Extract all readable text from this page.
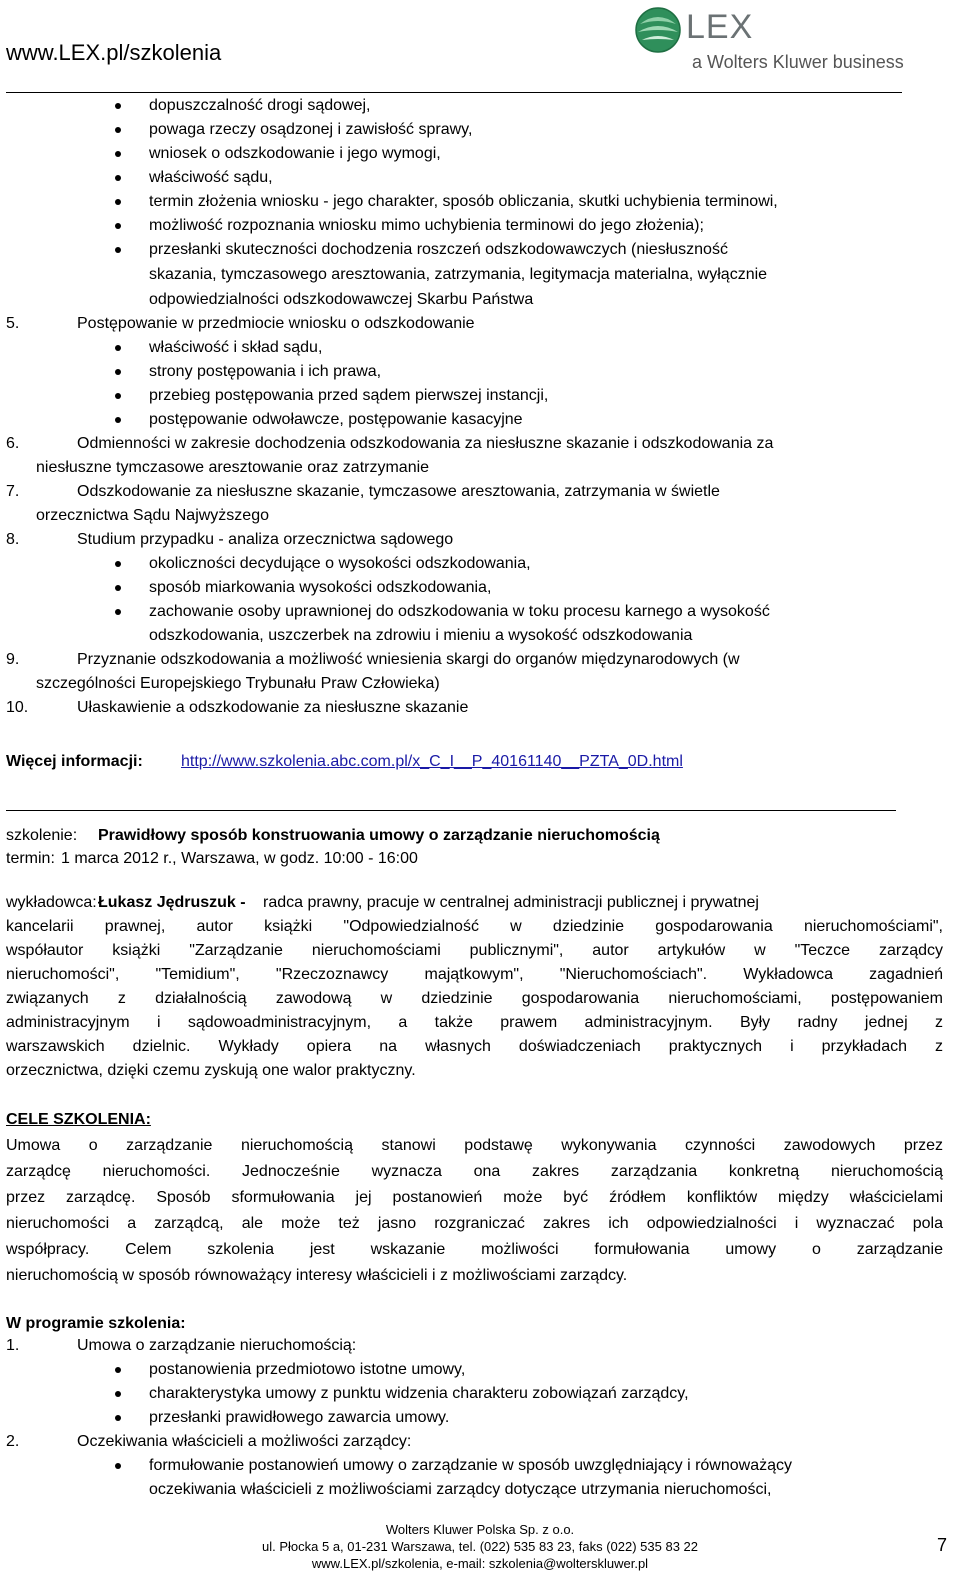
www.LEX.pl/szkolenia
LEX
a Wolters Kluwer business
dopuszczalność drogi sądowej,
powaga rzeczy osądzonej i zawisłość sprawy,
wniosek o odszkodowanie i jego wymogi,
właściwość sądu,
termin złożenia wniosku - jego charakter, sposób obliczania, skutki uchybienia terminowi,
możliwość rozpoznania wniosku mimo uchybienia terminowi do jego złożenia);
przesłanki skuteczności dochodzenia roszczeń odszkodowawczych (niesłuszność
skazania, tymczasowego aresztowania, zatrzymania, legitymacja materialna, wyłącznie
odpowiedzialności odszkodowawczej Skarbu Państwa
5.	Postępowanie w przedmiocie wniosku o odszkodowanie
właściwość i skład sądu,
strony postępowania i ich prawa,
przebieg postępowania przed sądem pierwszej instancji,
postępowanie odwoławcze, postępowanie kasacyjne
6.	Odmienności w zakresie dochodzenia odszkodowania za niesłuszne skazanie i odszkodowania za
niesłuszne tymczasowe aresztowanie oraz zatrzymanie
7.	Odszkodowanie za niesłuszne skazanie, tymczasowe aresztowania, zatrzymania w świetle
orzecznictwa Sądu Najwyższego
8.	Studium przypadku - analiza orzecznictwa sądowego
okoliczności decydujące o wysokości odszkodowania,
sposób miarkowania wysokości odszkodowania,
zachowanie osoby uprawnionej do odszkodowania w toku procesu karnego a wysokość
odszkodowania, uszczerbek na zdrowiu i mieniu a wysokość odszkodowania
9.	Przyznanie odszkodowania a możliwość wniesienia skargi do organów międzynarodowych (w
szczególności Europejskiego Trybunału Praw Człowieka)
10.	Ułaskawienie a odszkodowanie za niesłuszne skazanie
Więcej informacji: http://www.szkolenia.abc.com.pl/x_C_I__P_40161140__PZTA_0D.html
szkolenie: Prawidłowy sposób konstruowania umowy o zarządzanie nieruchomością
termin: 1 marca 2012 r., Warszawa, w godz. 10:00 - 16:00
wykładowca: Łukasz Jędruszuk - radca prawny, pracuje w centralnej administracji publicznej i prywatnej
kancelarii prawnej, autor książki "Odpowiedzialność w dziedzinie gospodarowania nieruchomościami",
współautor książki "Zarządzanie nieruchomościami publicznymi", autor artykułów w "Teczce zarządcy
nieruchomości", "Temidium", "Rzeczoznawcy majątkowym", "Nieruchomościach". Wykładowca zagadnień
związanych z działalnością zawodową w dziedzinie gospodarowania nieruchomościami, postępowaniem
administracyjnym i sądowoadministracyjnym, a także prawem administracyjnym. Były radny jednej z
warszawskich dzielnic. Wykłady opiera na własnych doświadczeniach praktycznych i przykładach z
orzecznictwa, dzięki czemu zyskują one walor praktyczny.
CELE SZKOLENIA:
Umowa o zarządzanie nieruchomością stanowi podstawę wykonywania czynności zawodowych przez
zarządcę nieruchomości. Jednocześnie wyznacza ona zakres zarządzania konkretną nieruchomością
przez zarządcę. Sposób sformułowania jej postanowień może być źródłem konfliktów między właścicielami
nieruchomości a zarządcą, ale może też jasno rozgraniczać zakres ich odpowiedzialności i wyznaczać pola
współpracy. Celem szkolenia jest wskazanie możliwości formułowania umowy o zarządzanie
nieruchomością w sposób równoważący interesy właścicieli i z możliwościami zarządcy.
W programie szkolenia:
1.	Umowa o zarządzanie nieruchomością:
postanowienia przedmiotowo istotne umowy,
charakterystyka umowy z punktu widzenia charakteru zobowiązań zarządcy,
przesłanki prawidłowego zawarcia umowy.
2.	Oczekiwania właścicieli a możliwości zarządcy:
formułowanie postanowień umowy o zarządzanie w sposób uwzględniający i równoważący
oczekiwania właścicieli z możliwościami zarządcy dotyczące utrzymania nieruchomości,
Wolters Kluwer Polska Sp. z o.o.
ul. Płocka 5 a, 01-231 Warszawa, tel. (022) 535 83 23, faks (022) 535 83 22
www.LEX.pl/szkolenia, e-mail: szkolenia@wolterskluwer.pl
7
